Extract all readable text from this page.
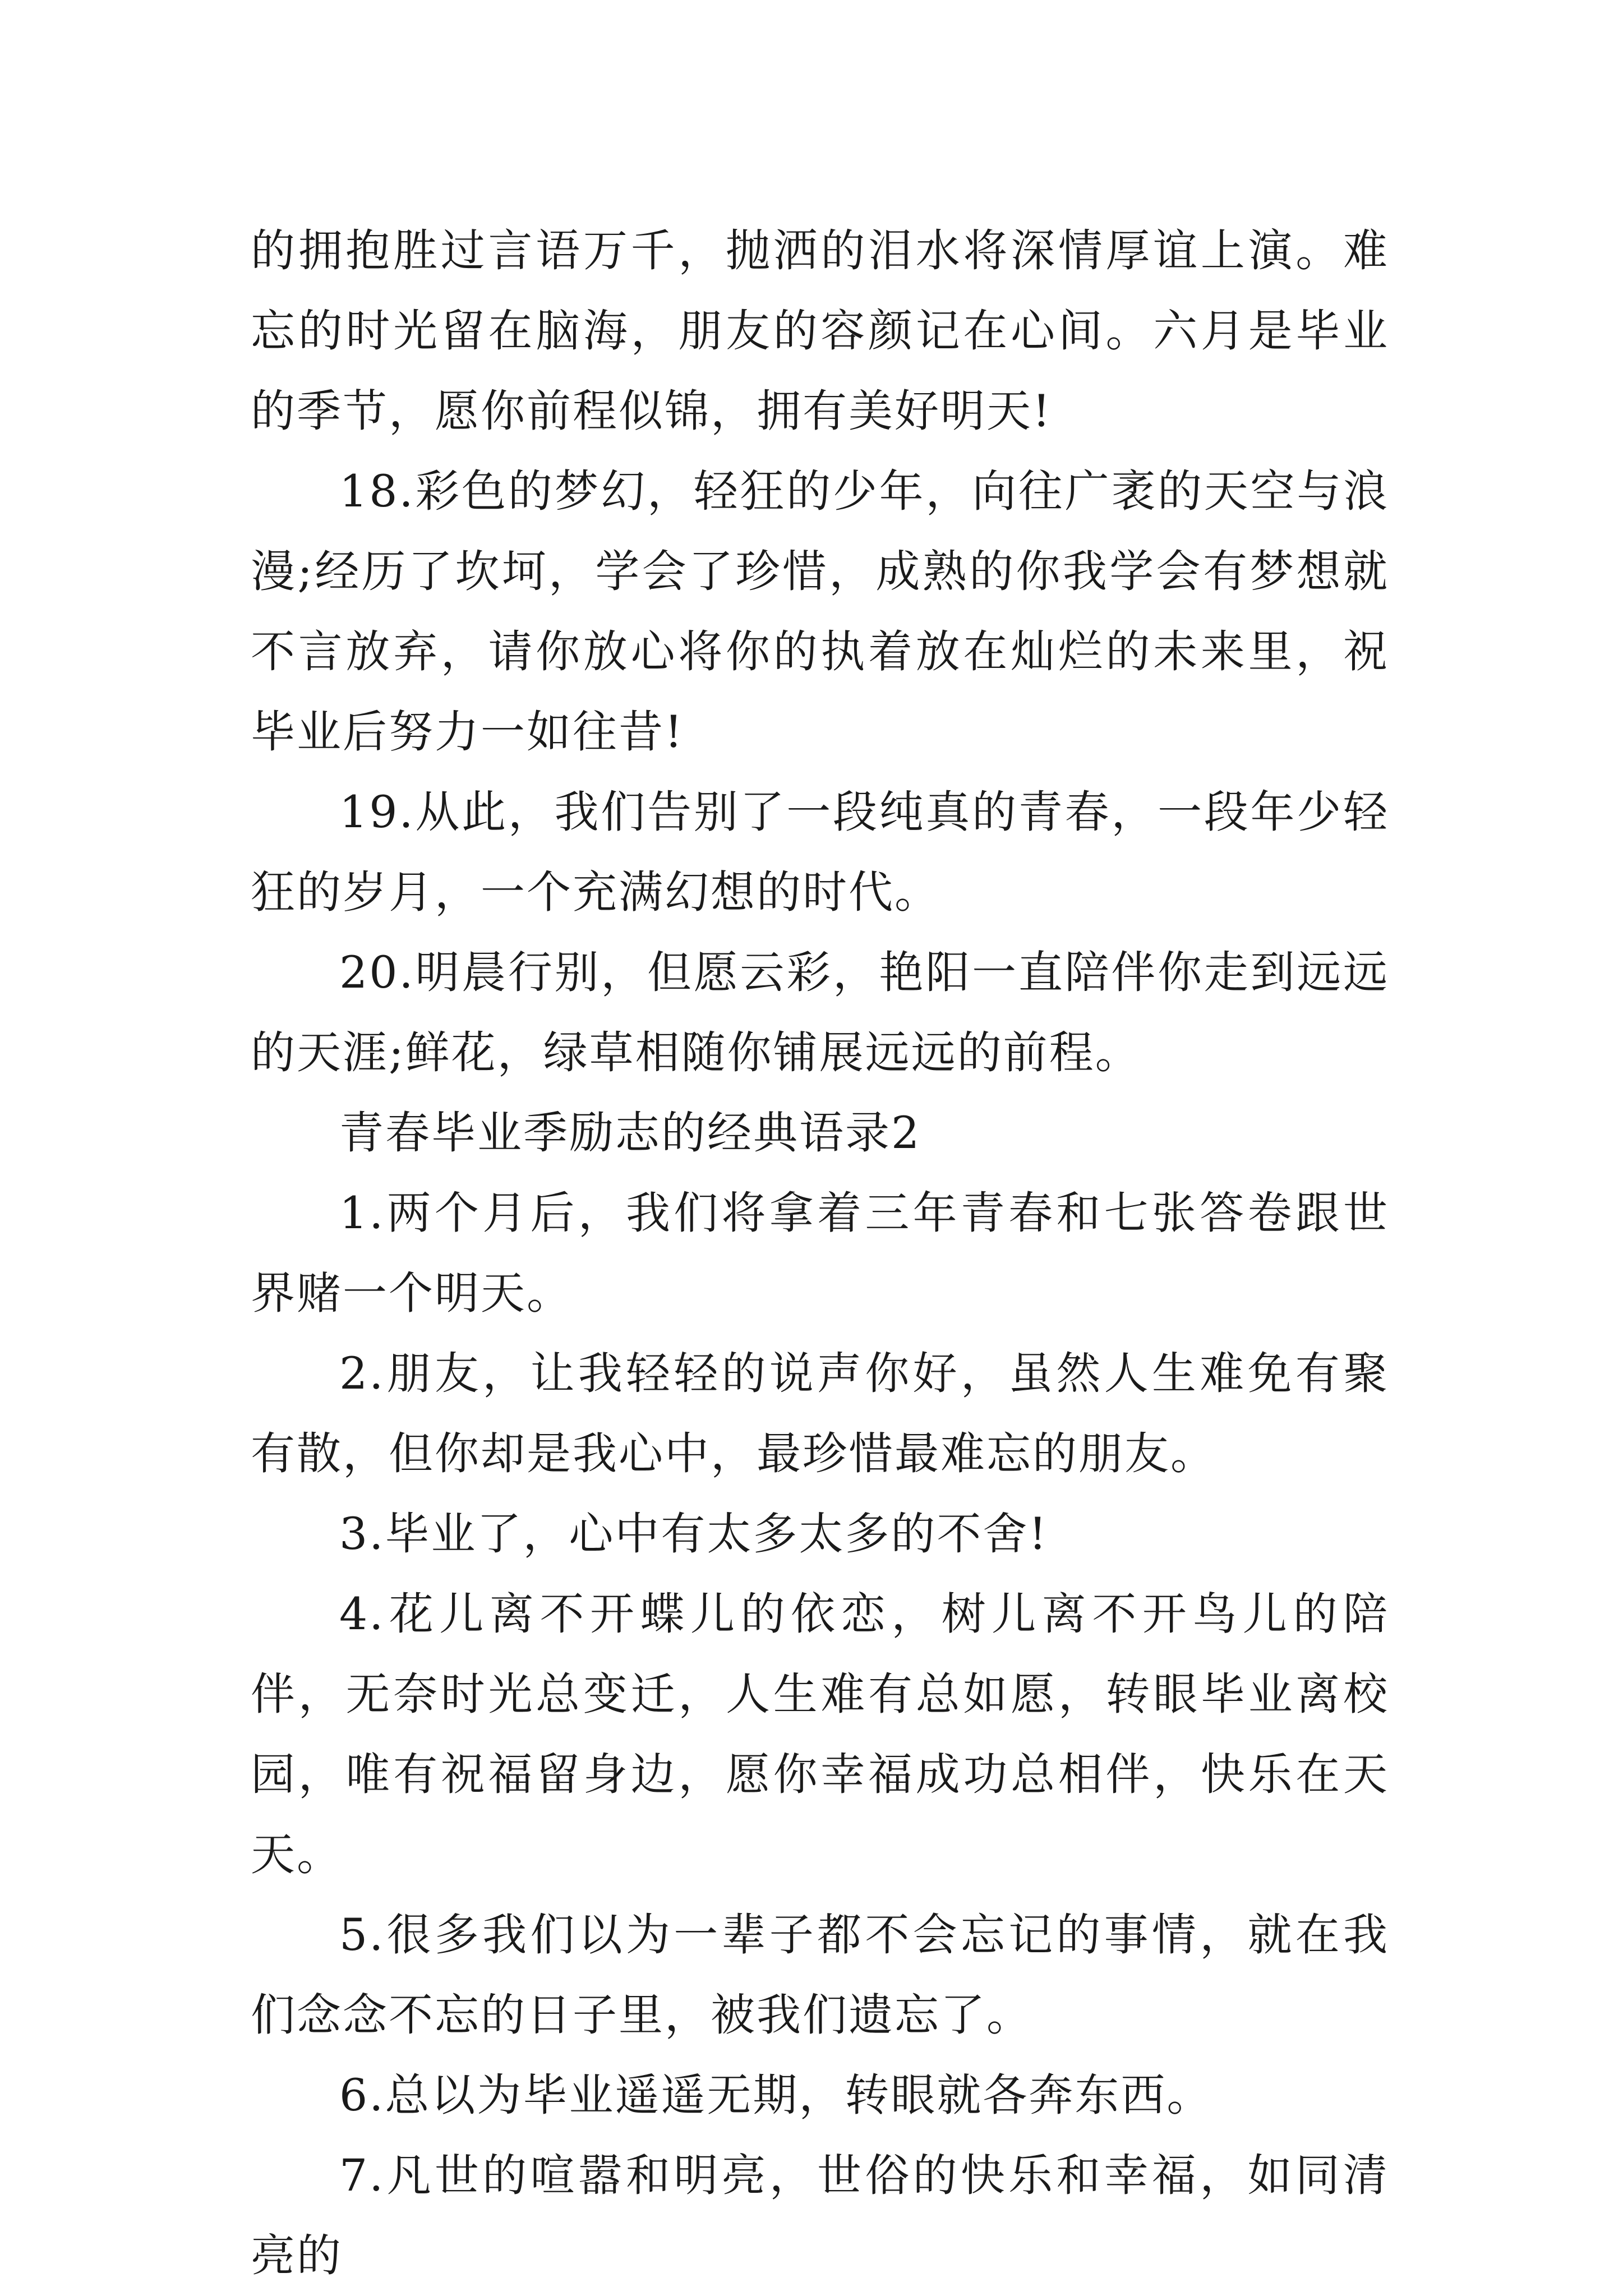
的拥抱胜过言语万千，抛洒的泪水将深情厚谊上演。难忘的时光留在脑海，朋友的容颜记在心间。六月是毕业的季节，愿你前程似锦，拥有美好明天!

18.彩色的梦幻，轻狂的少年，向往广袤的天空与浪漫;经历了坎坷，学会了珍惜，成熟的你我学会有梦想就不言放弃，请你放心将你的执着放在灿烂的未来里，祝毕业后努力一如往昔!

19.从此，我们告别了一段纯真的青春，一段年少轻狂的岁月，一个充满幻想的时代。

20.明晨行别，但愿云彩，艳阳一直陪伴你走到远远的天涯;鲜花，绿草相随你铺展远远的前程。

青春毕业季励志的经典语录2

1.两个月后，我们将拿着三年青春和七张答卷跟世界赌一个明天。

2.朋友，让我轻轻的说声你好，虽然人生难免有聚有散，但你却是我心中，最珍惜最难忘的朋友。

3.毕业了，心中有太多太多的不舍!

4.花儿离不开蝶儿的依恋，树儿离不开鸟儿的陪伴，无奈时光总变迁，人生难有总如愿，转眼毕业离校园，唯有祝福留身边，愿你幸福成功总相伴，快乐在天天。

5.很多我们以为一辈子都不会忘记的事情，就在我们念念不忘的日子里，被我们遗忘了。

6.总以为毕业遥遥无期，转眼就各奔东西。

7.凡世的喧嚣和明亮，世俗的快乐和幸福，如同清亮的
